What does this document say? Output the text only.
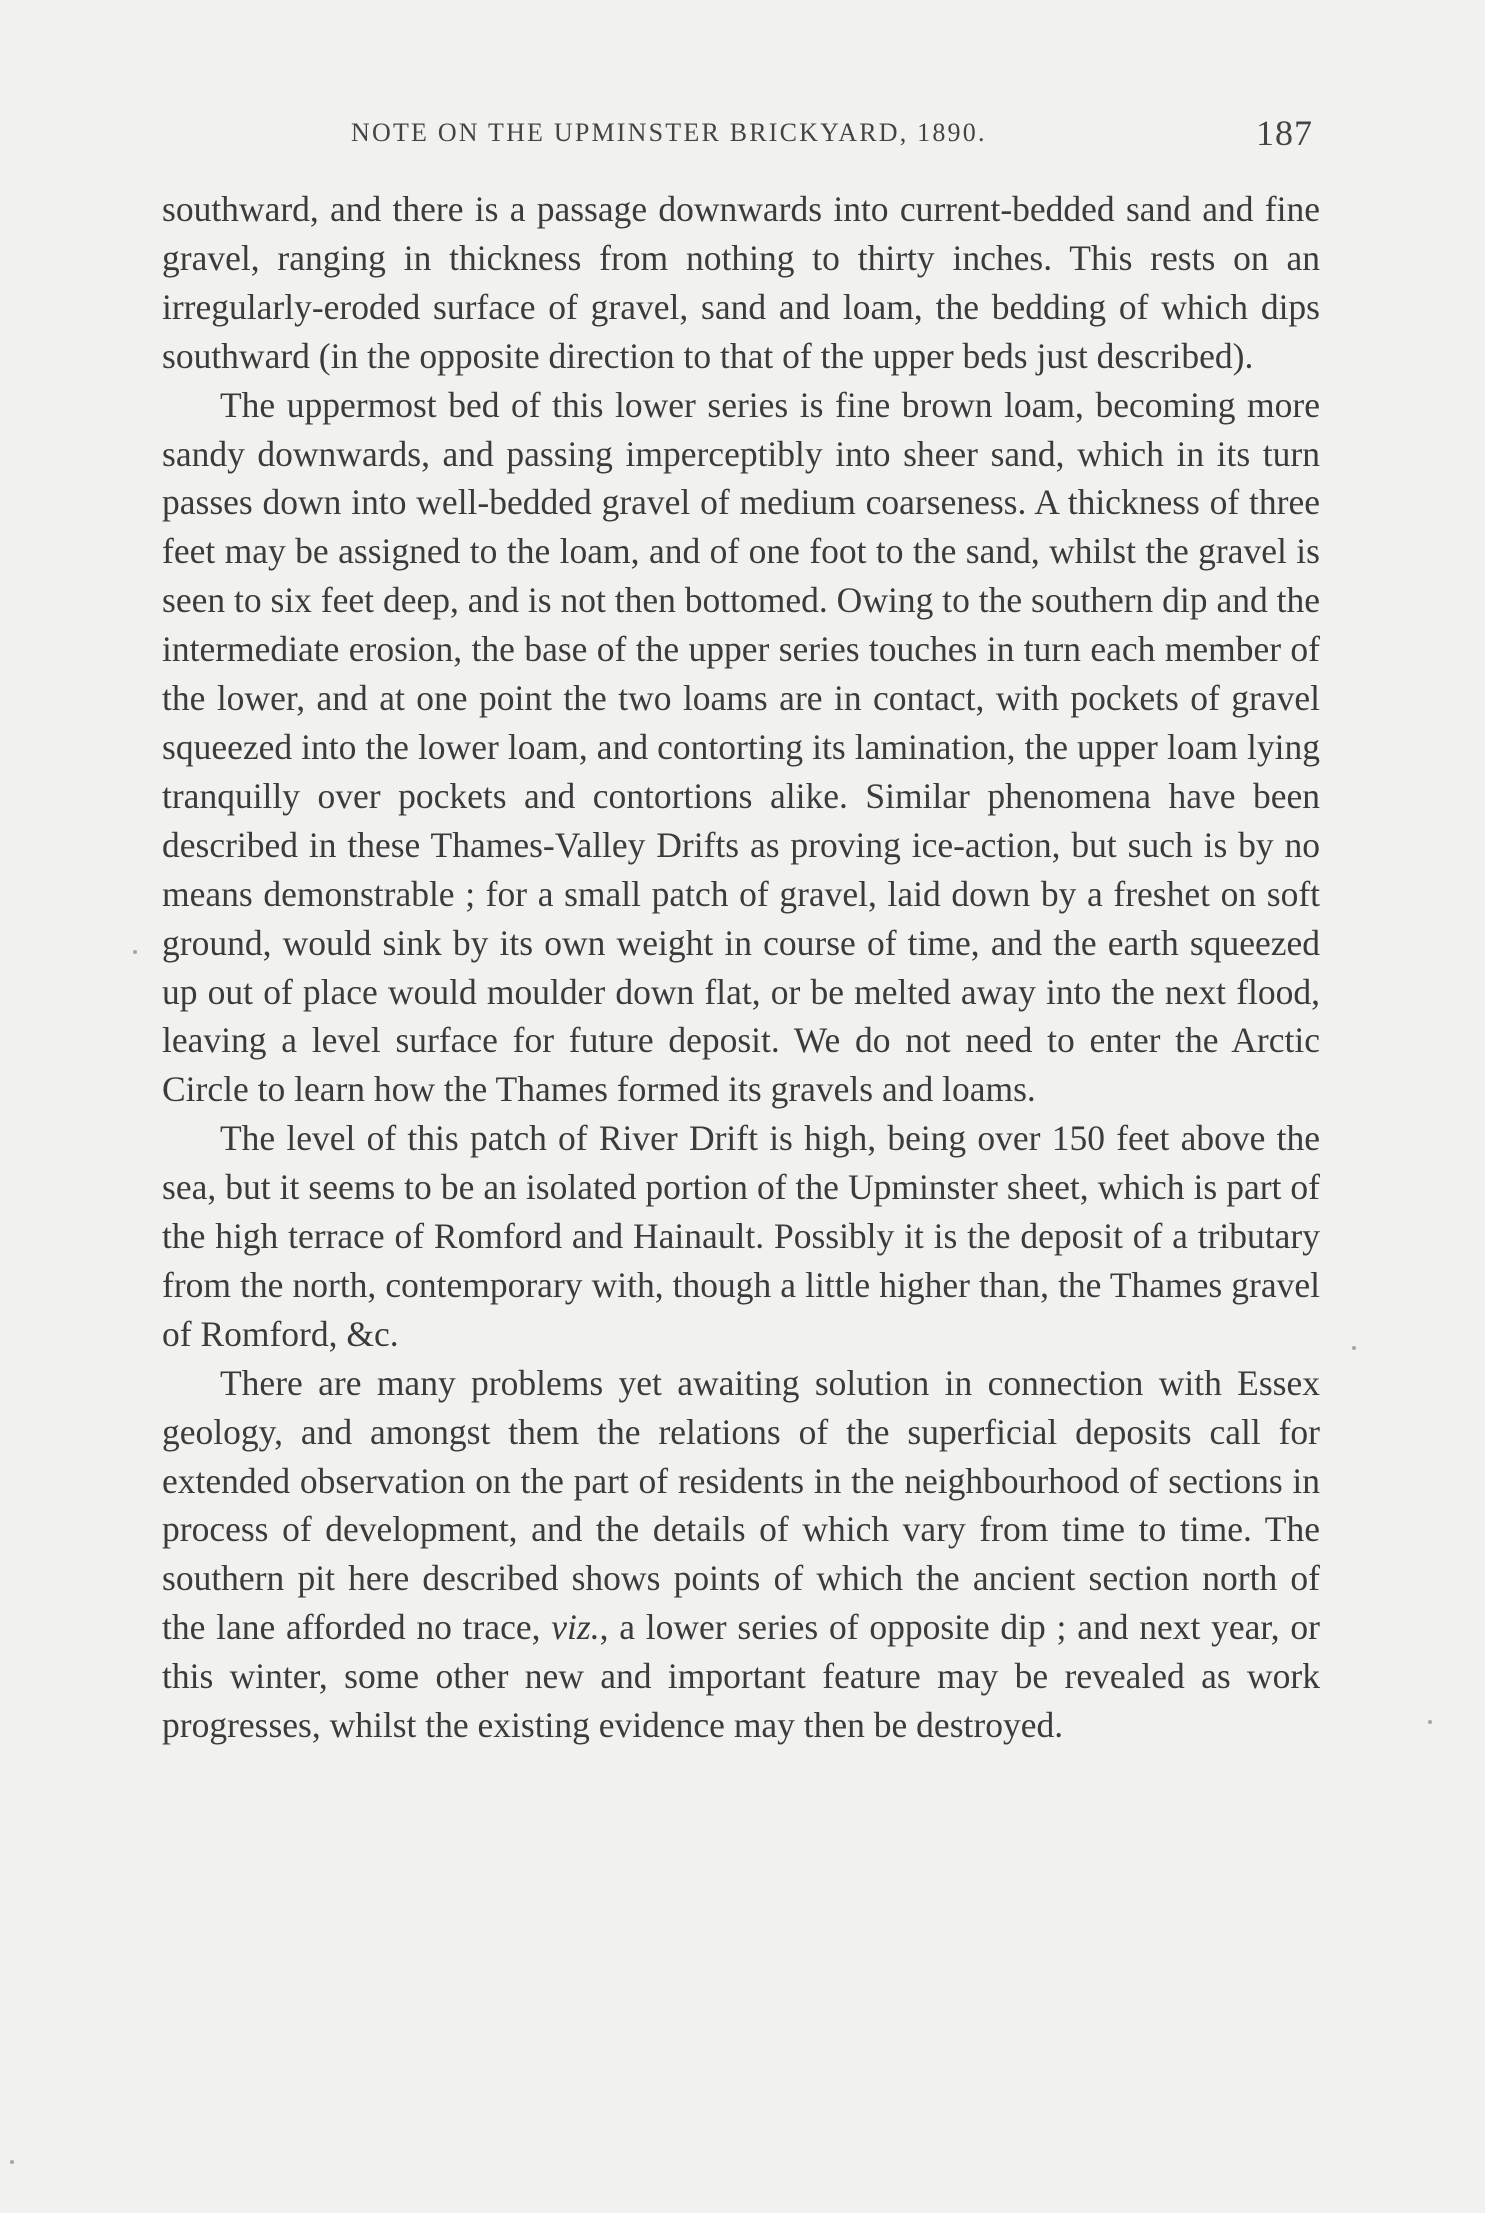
NOTE ON THE UPMINSTER BRICKYARD, 1890.	187

southward, and there is a passage downwards into current-bedded sand and fine gravel, ranging in thickness from nothing to thirty inches. This rests on an irregularly-eroded surface of gravel, sand and loam, the bedding of which dips southward (in the opposite direction to that of the upper beds just described).

The uppermost bed of this lower series is fine brown loam, becoming more sandy downwards, and passing imperceptibly into sheer sand, which in its turn passes down into well-bedded gravel of medium coarseness. A thickness of three feet may be assigned to the loam, and of one foot to the sand, whilst the gravel is seen to six feet deep, and is not then bottomed. Owing to the southern dip and the intermediate erosion, the base of the upper series touches in turn each member of the lower, and at one point the two loams are in contact, with pockets of gravel squeezed into the lower loam, and contorting its lamination, the upper loam lying tranquilly over pockets and contortions alike. Similar phenomena have been described in these Thames-Valley Drifts as proving ice-action, but such is by no means demonstrable ; for a small patch of gravel, laid down by a freshet on soft ground, would sink by its own weight in course of time, and the earth squeezed up out of place would moulder down flat, or be melted away into the next flood, leaving a level surface for future deposit. We do not need to enter the Arctic Circle to learn how the Thames formed its gravels and loams.

The level of this patch of River Drift is high, being over 150 feet above the sea, but it seems to be an isolated portion of the Upminster sheet, which is part of the high terrace of Romford and Hainault. Possibly it is the deposit of a tributary from the north, contemporary with, though a little higher than, the Thames gravel of Romford, &c.

There are many problems yet awaiting solution in connection with Essex geology, and amongst them the relations of the superficial deposits call for extended observation on the part of residents in the neighbourhood of sections in process of development, and the details of which vary from time to time. The southern pit here described shows points of which the ancient section north of the lane afforded no trace, viz., a lower series of opposite dip ; and next year, or this winter, some other new and important feature may be revealed as work progresses, whilst the existing evidence may then be destroyed.
